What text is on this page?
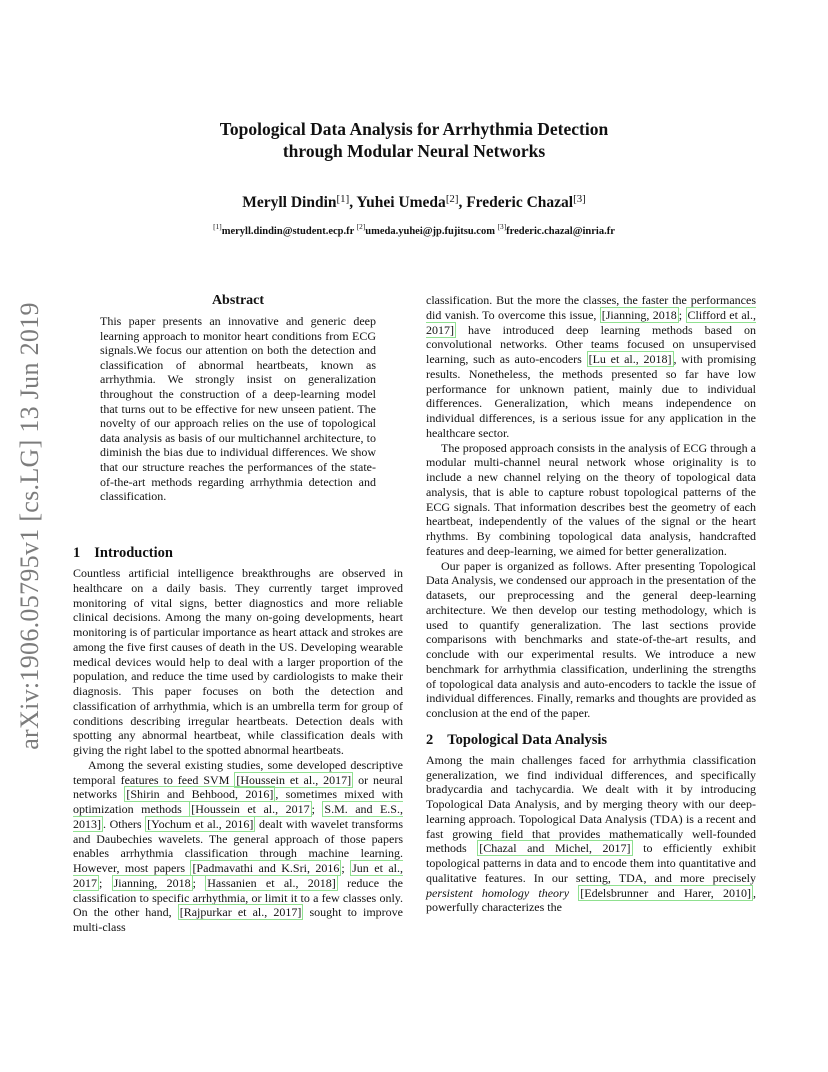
arXiv:1906.05795v1 [cs.LG] 13 Jun 2019
Topological Data Analysis for Arrhythmia Detection
through Modular Neural Networks
Meryll Dindin[1], Yuhei Umeda[2], Frederic Chazal[3]
[1]meryll.dindin@student.ecp.fr [2]umeda.yuhei@jp.fujitsu.com [3]frederic.chazal@inria.fr
Abstract
This paper presents an innovative and generic deep learning approach to monitor heart conditions from ECG signals.We focus our attention on both the detection and classification of abnormal heartbeats, known as arrhythmia. We strongly insist on generalization throughout the construction of a deep-learning model that turns out to be effective for new unseen patient. The novelty of our approach relies on the use of topological data analysis as basis of our multichannel architecture, to diminish the bias due to individual differences. We show that our structure reaches the performances of the state-of-the-art methods regarding arrhythmia detection and classification.
1 Introduction

Countless artificial intelligence breakthroughs are observed in healthcare on a daily basis. They currently target improved monitoring of vital signs, better diagnostics and more reliable clinical decisions. Among the many on-going developments, heart monitoring is of particular importance as heart attack and strokes are among the five first causes of death in the US. Developing wearable medical devices would help to deal with a larger proportion of the population, and reduce the time used by cardiologists to make their diagnosis. This paper focuses on both the detection and classification of arrhythmia, which is an umbrella term for group of conditions describing irregular heartbeats. Detection deals with spotting any abnormal heartbeat, while classification deals with giving the right label to the spotted abnormal heartbeats.

Among the several existing studies, some developed descriptive temporal features to feed SVM [Houssein et al., 2017] or neural networks [Shirin and Behbood, 2016] , sometimes mixed with optimization methods [Houssein et al., 2017 ; S.M. and E.S., 2013] . Others [Yochum et al., 2016] dealt with wavelet transforms and Daubechies wavelets. The general approach of those papers enables arrhythmia classification through machine learning. However, most papers [Padmavathi and K.Sri, 2016 ; Jun et al., 2017 ; Jianning, 2018 ; Hassanien et al., 2018] reduce the classification to specific arrhythmia, or limit it to a few classes only. On the other hand, [Rajpurkar et al., 2017] sought to improve multi-class

classification. But the more the classes, the faster the performances did vanish. To overcome this issue, [Jianning, 2018 ; Clifford et al., 2017] have introduced deep learning methods based on convolutional networks. Other teams focused on unsupervised learning, such as auto-encoders [Lu et al., 2018] , with promising results. Nonetheless, the methods presented so far have low performance for unknown patient, mainly due to individual differences. Generalization, which means independence on individual differences, is a serious issue for any application in the healthcare sector.

The proposed approach consists in the analysis of ECG through a modular multi-channel neural network whose originality is to include a new channel relying on the theory of topological data analysis, that is able to capture robust topological patterns of the ECG signals. That information describes best the geometry of each heartbeat, independently of the values of the signal or the heart rhythms. By combining topological data analysis, handcrafted features and deep-learning, we aimed for better generalization.

Our paper is organized as follows. After presenting Topological Data Analysis, we condensed our approach in the presentation of the datasets, our preprocessing and the general deep-learning architecture. We then develop our testing methodology, which is used to quantify generalization. The last sections provide comparisons with benchmarks and state-of-the-art results, and conclude with our experimental results. We introduce a new benchmark for arrhythmia classification, underlining the strengths of topological data analysis and auto-encoders to tackle the issue of individual differences. Finally, remarks and thoughts are provided as conclusion at the end of the paper.

2 Topological Data Analysis

Among the main challenges faced for arrhythmia classification generalization, we find individual differences, and specifically bradycardia and tachycardia. We dealt with it by introducing Topological Data Analysis, and by merging theory with our deep-learning approach. Topological Data Analysis (TDA) is a recent and fast growing field that provides mathematically well-founded methods [Chazal and Michel, 2017] to efficiently exhibit topological patterns in data and to encode them into quantitative and qualitative features. In our setting, TDA, and more precisely persistent homology theory [Edelsbrunner and Harer, 2010] , powerfully characterizes the
